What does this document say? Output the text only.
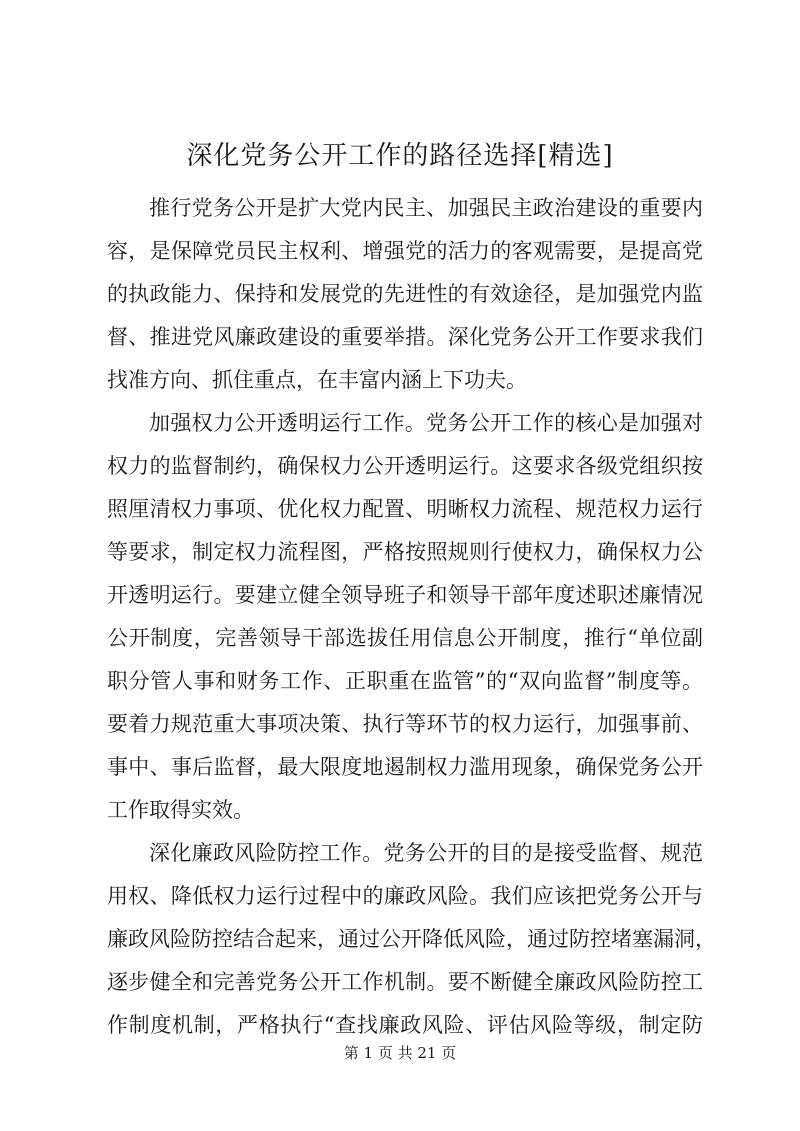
深化党务公开工作的路径选择[精选]
推行党务公开是扩大党内民主、加强民主政治建设的重要内
容，是保障党员民主权利、增强党的活力的客观需要，是提高党
的执政能力、保持和发展党的先进性的有效途径，是加强党内监
督、推进党风廉政建设的重要举措。深化党务公开工作要求我们
找准方向、抓住重点，在丰富内涵上下功夫。
加强权力公开透明运行工作。党务公开工作的核心是加强对
权力的监督制约，确保权力公开透明运行。这要求各级党组织按
照厘清权力事项、优化权力配置、明晰权力流程、规范权力运行
等要求，制定权力流程图，严格按照规则行使权力，确保权力公
开透明运行。要建立健全领导班子和领导干部年度述职述廉情况
公开制度，完善领导干部选拔任用信息公开制度，推行“单位副
职分管人事和财务工作、正职重在监管”的“双向监督”制度等。
要着力规范重大事项决策、执行等环节的权力运行，加强事前、
事中、事后监督，最大限度地遏制权力滥用现象，确保党务公开
工作取得实效。
深化廉政风险防控工作。党务公开的目的是接受监督、规范
用权、降低权力运行过程中的廉政风险。我们应该把党务公开与
廉政风险防控结合起来，通过公开降低风险，通过防控堵塞漏洞，
逐步健全和完善党务公开工作机制。要不断健全廉政风险防控工
作制度机制，严格执行“查找廉政风险、评估风险等级，制定防
第 1 页 共 21 页
